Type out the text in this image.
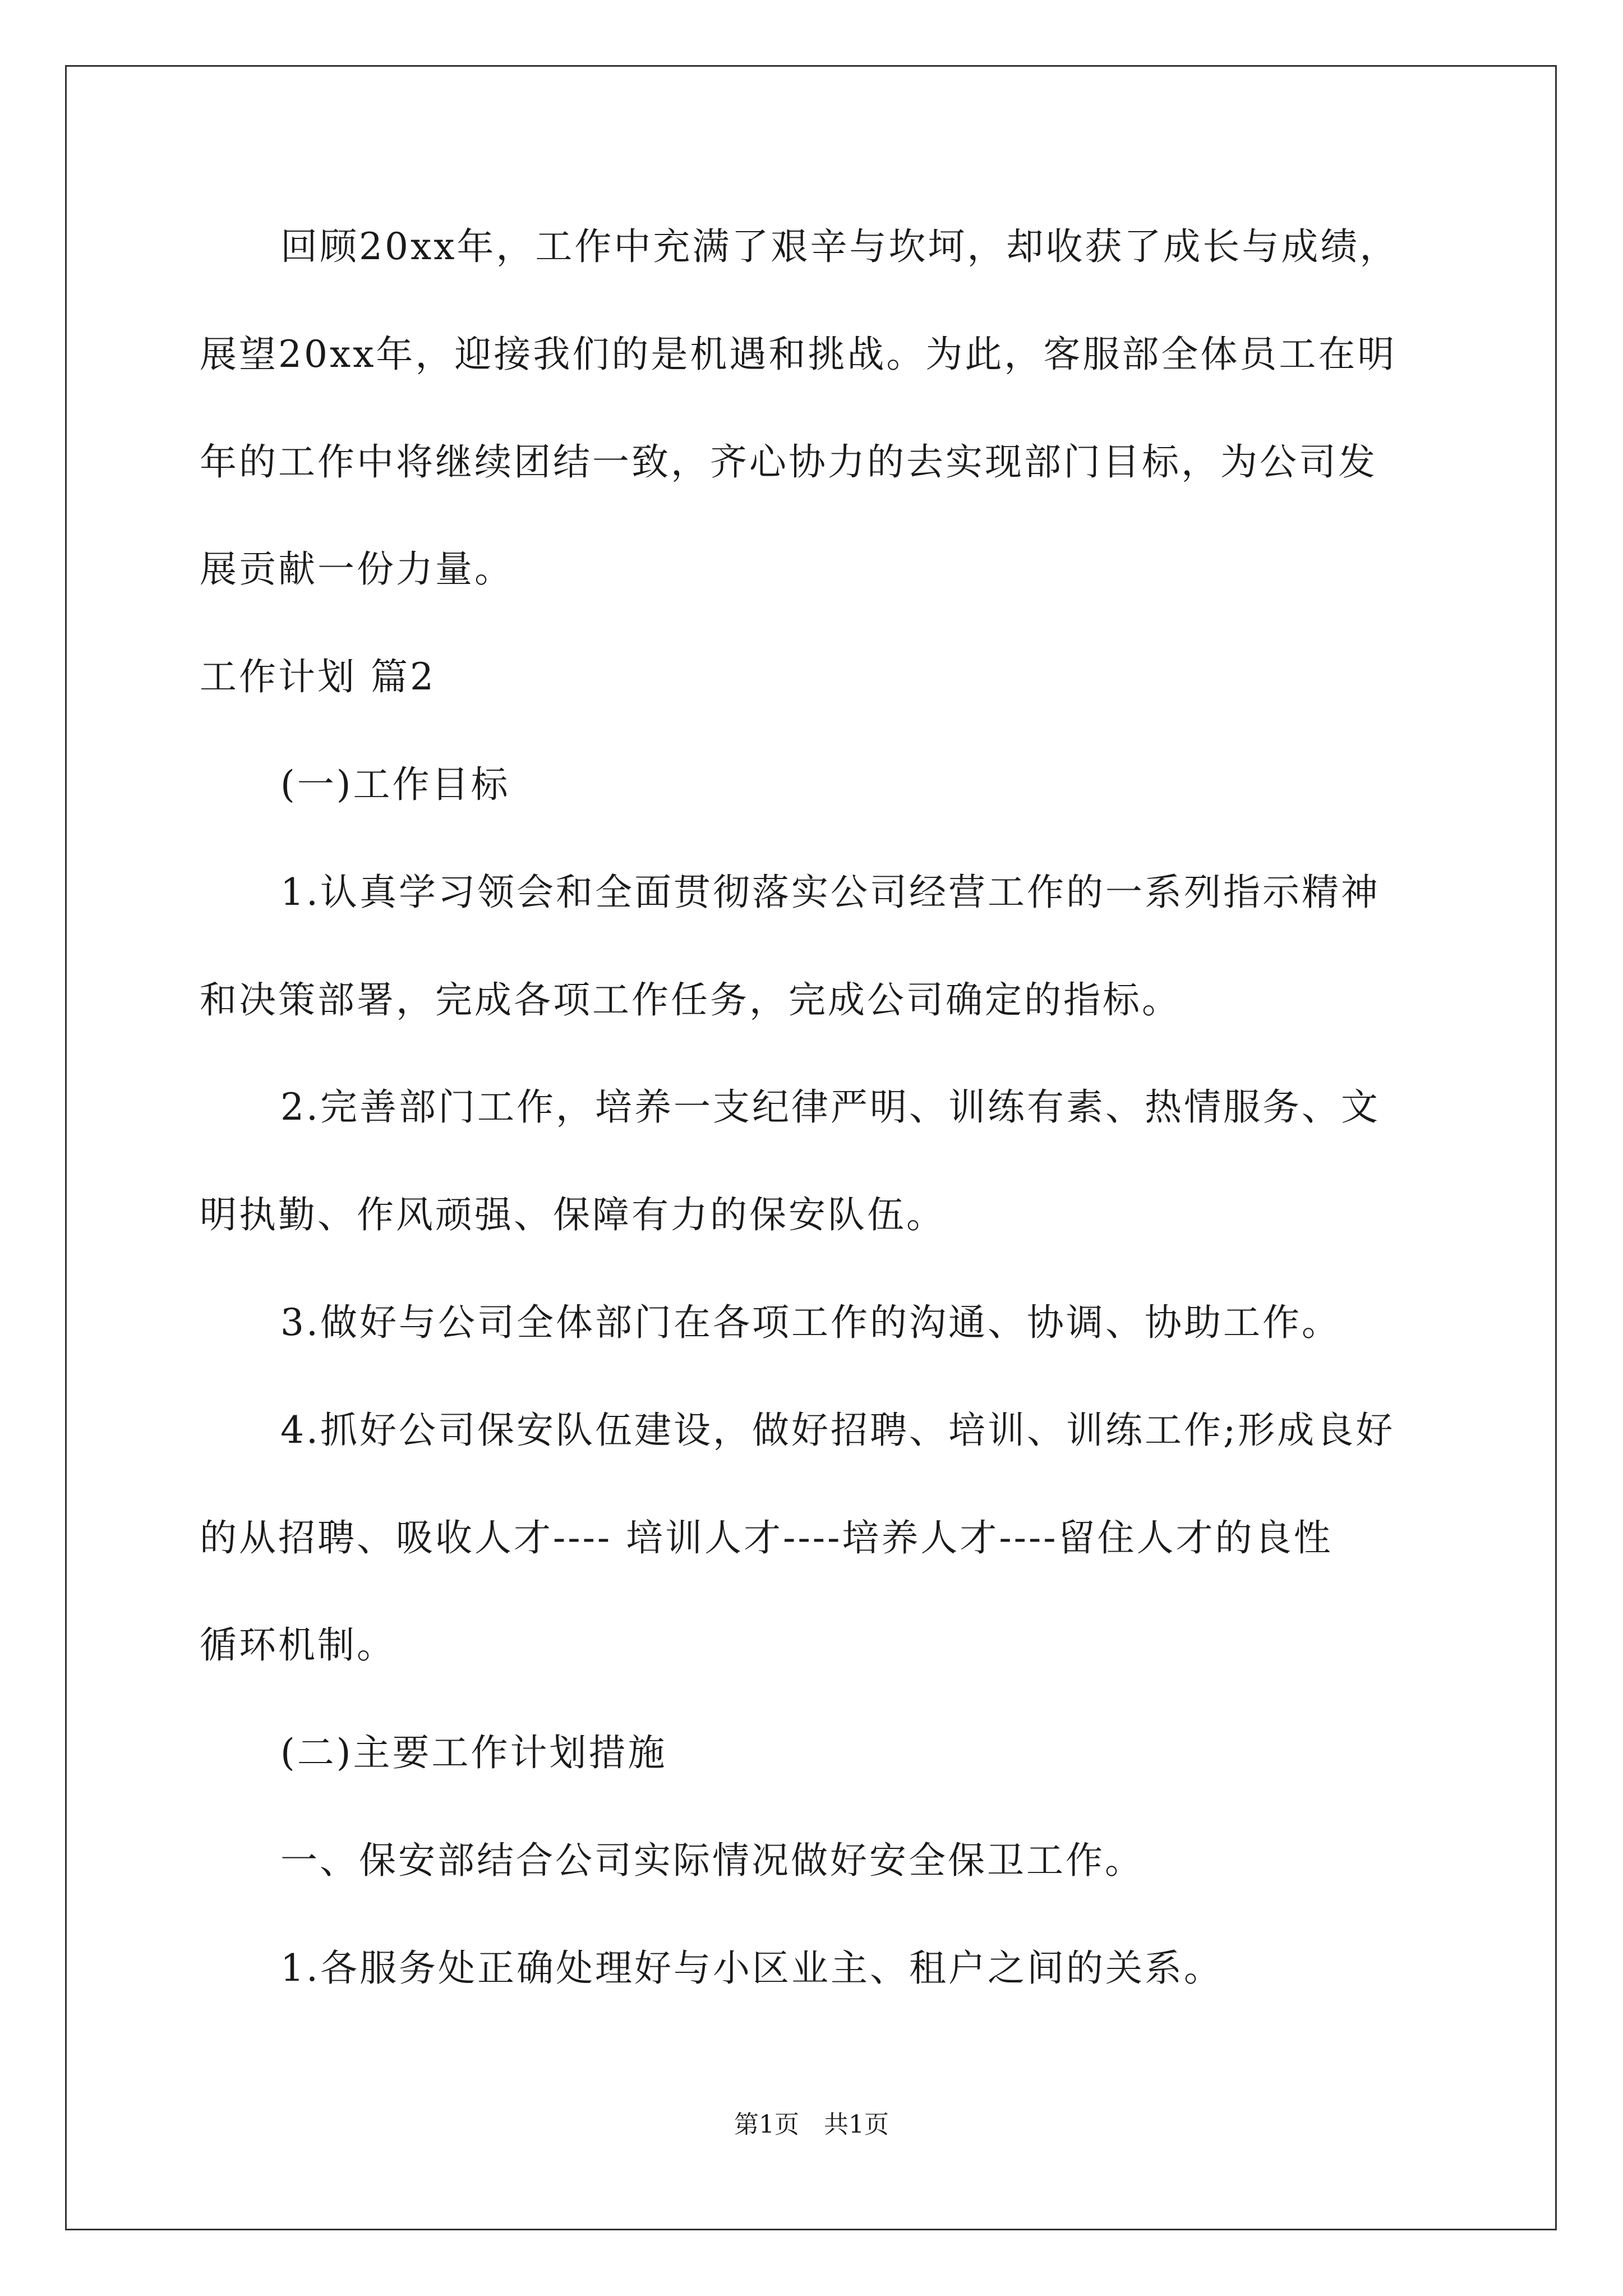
回顾20xx年，工作中充满了艰辛与坎坷，却收获了成长与成绩，
展望20xx年，迎接我们的是机遇和挑战。为此，客服部全体员工在明
年的工作中将继续团结一致，齐心协力的去实现部门目标，为公司发
展贡献一份力量。
工作计划 篇2
(一)工作目标
1.认真学习领会和全面贯彻落实公司经营工作的一系列指示精神
和决策部署，完成各项工作任务，完成公司确定的指标。
2.完善部门工作，培养一支纪律严明、训练有素、热情服务、文
明执勤、作风顽强、保障有力的保安队伍。
3.做好与公司全体部门在各项工作的沟通、协调、协助工作。
4.抓好公司保安队伍建设，做好招聘、培训、训练工作;形成良好
的从招聘、吸收人才---- 培训人才----培养人才----留住人才的良性
循环机制。
(二)主要工作计划措施
一、保安部结合公司实际情况做好安全保卫工作。
1.各服务处正确处理好与小区业主、租户之间的关系。
第1页　共1页
